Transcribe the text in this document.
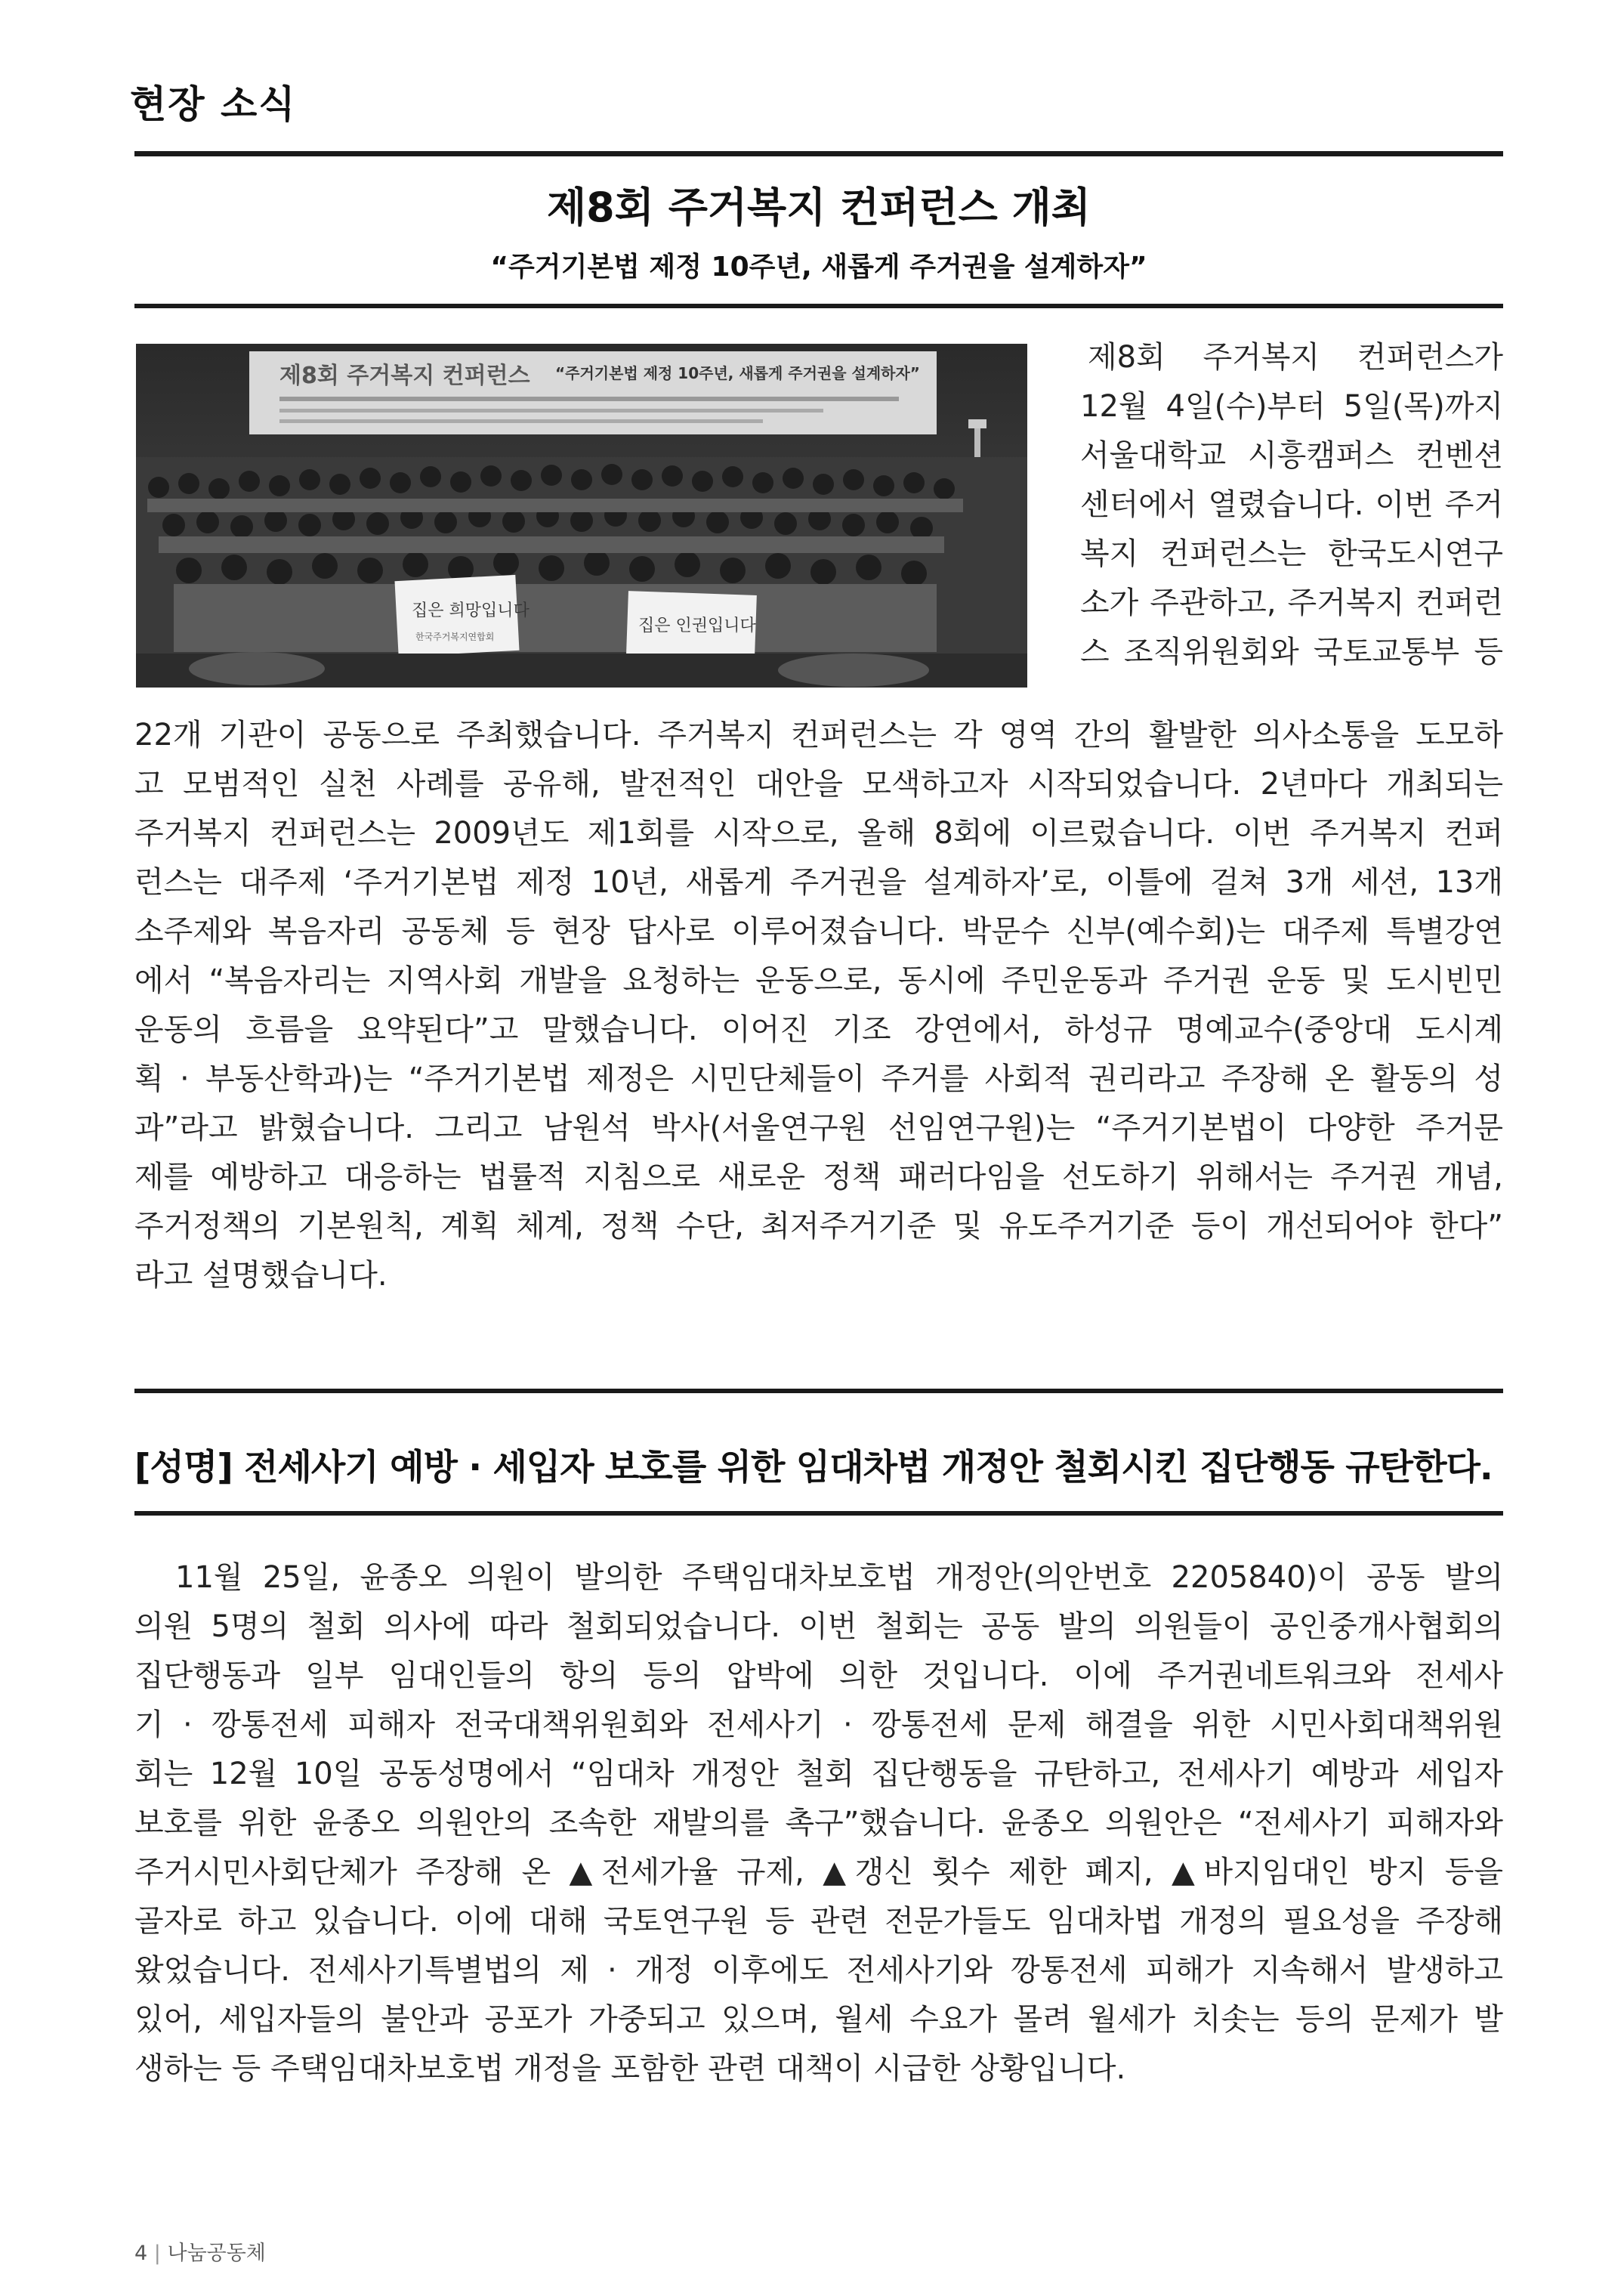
현장 소식
제8회 주거복지 컨퍼런스 개최
“주거기본법 제정 10주년, 새롭게 주거권을 설계하자”
제8회 주거복지 컨퍼런스 “주거기본법 제정 10주년, 새롭게 주거권을 설계하자”
집은 희망입니다
한국주거복지연합회
집은 인권입니다
제8회 주거복지 컨퍼런스가
12월 4일(수)부터 5일(목)까지
서울대학교 시흥캠퍼스 컨벤션
센터에서 열렸습니다. 이번 주거
복지 컨퍼런스는 한국도시연구
소가 주관하고, 주거복지 컨퍼런
스 조직위원회와 국토교통부 등
22개 기관이 공동으로 주최했습니다. 주거복지 컨퍼런스는 각 영역 간의 활발한 의사소통을 도모하
고 모범적인 실천 사례를 공유해, 발전적인 대안을 모색하고자 시작되었습니다. 2년마다 개최되는
주거복지 컨퍼런스는 2009년도 제1회를 시작으로, 올해 8회에 이르렀습니다. 이번 주거복지 컨퍼
런스는 대주제 ‘주거기본법 제정 10년, 새롭게 주거권을 설계하자’로, 이틀에 걸쳐 3개 세션, 13개
소주제와 복음자리 공동체 등 현장 답사로 이루어졌습니다. 박문수 신부(예수회)는 대주제 특별강연
에서 “복음자리는 지역사회 개발을 요청하는 운동으로, 동시에 주민운동과 주거권 운동 및 도시빈민
운동의 흐름을 요약된다”고 말했습니다. 이어진 기조 강연에서, 하성규 명예교수(중앙대 도시계
획 · 부동산학과)는 “주거기본법 제정은 시민단체들이 주거를 사회적 권리라고 주장해 온 활동의 성
과”라고 밝혔습니다. 그리고 남원석 박사(서울연구원 선임연구원)는 “주거기본법이 다양한 주거문
제를 예방하고 대응하는 법률적 지침으로 새로운 정책 패러다임을 선도하기 위해서는 주거권 개념,
주거정책의 기본원칙, 계획 체계, 정책 수단, 최저주거기준 및 유도주거기준 등이 개선되어야 한다”
라고 설명했습니다.
[성명] 전세사기 예방 · 세입자 보호를 위한 임대차법 개정안 철회시킨 집단행동 규탄한다.
11월 25일, 윤종오 의원이 발의한 주택임대차보호법 개정안(의안번호 2205840)이 공동 발의
의원 5명의 철회 의사에 따라 철회되었습니다. 이번 철회는 공동 발의 의원들이 공인중개사협회의
집단행동과 일부 임대인들의 항의 등의 압박에 의한 것입니다. 이에 주거권네트워크와 전세사
기 · 깡통전세 피해자 전국대책위원회와 전세사기 · 깡통전세 문제 해결을 위한 시민사회대책위원
회는 12월 10일 공동성명에서 “임대차 개정안 철회 집단행동을 규탄하고, 전세사기 예방과 세입자
보호를 위한 윤종오 의원안의 조속한 재발의를 촉구”했습니다. 윤종오 의원안은 “전세사기 피해자와
주거시민사회단체가 주장해 온 ▲전세가율 규제, ▲갱신 횟수 제한 폐지, ▲바지임대인 방지 등을
골자로 하고 있습니다. 이에 대해 국토연구원 등 관련 전문가들도 임대차법 개정의 필요성을 주장해
왔었습니다. 전세사기특별법의 제 · 개정 이후에도 전세사기와 깡통전세 피해가 지속해서 발생하고
있어, 세입자들의 불안과 공포가 가중되고 있으며, 월세 수요가 몰려 월세가 치솟는 등의 문제가 발
생하는 등 주택임대차보호법 개정을 포함한 관련 대책이 시급한 상황입니다.
4 | 나눔공동체
